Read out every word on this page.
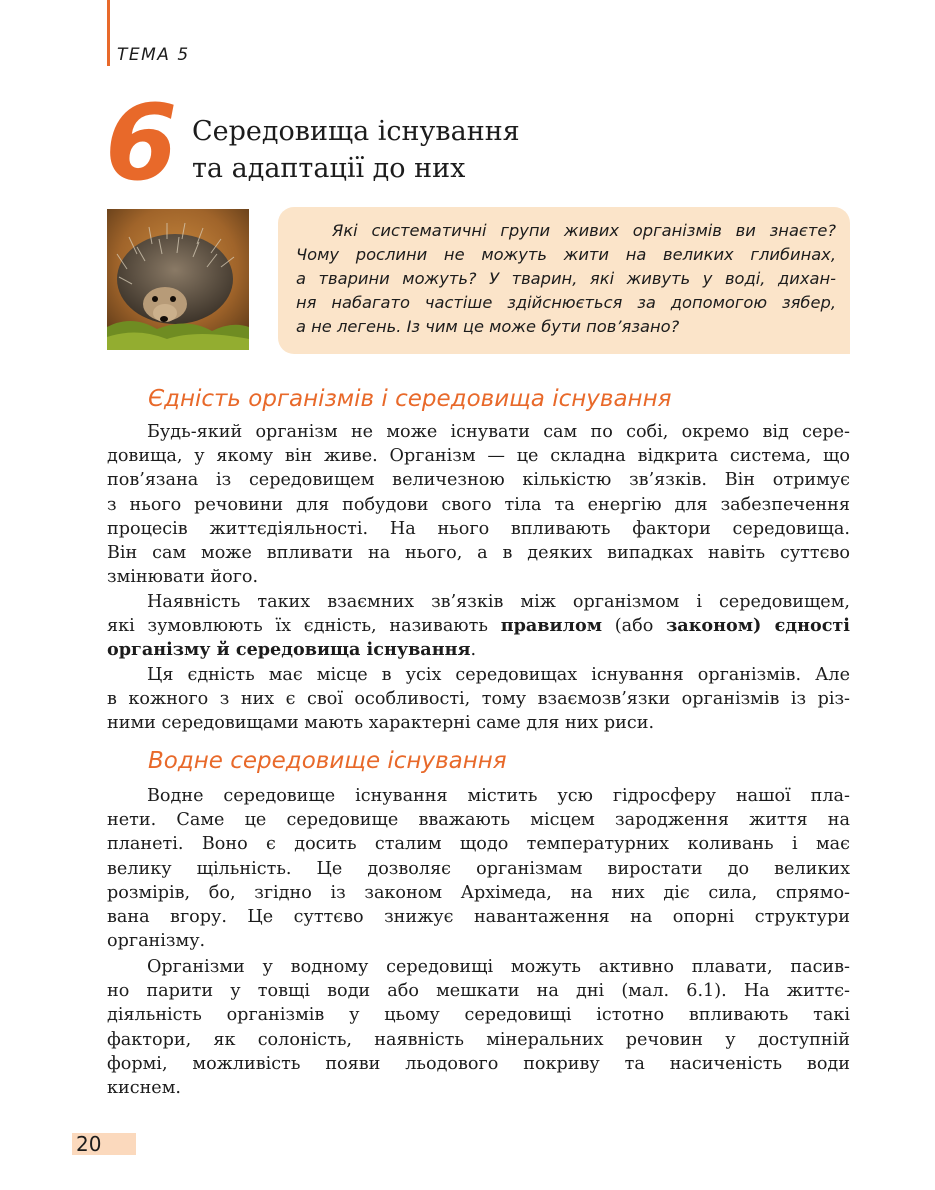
ТЕМА 5
6 Середовища існування
та адаптації до них
Які систематичні групи живих організмів ви знаєте?
Чому рослини не можуть жити на великих глибинах,
а тварини можуть? У тварин, які живуть у воді, дихан-
ня набагато частіше здійснюється за допомогою зябер,
а не легень. Із чим це може бути пов’язано?
Єдність організмів і середовища існування
Будь-який організм не може існувати сам по собі, окремо від сере-
довища, у якому він живе. Організм — це складна відкрита система, що
пов’язана із середовищем величезною кількістю зв’язків. Він отримує
з нього речовини для побудови свого тіла та енергію для забезпечення
процесів життєдіяльності. На нього впливають фактори середовища.
Він сам може впливати на нього, а в деяких випадках навіть суттєво
змінювати його.
Наявність таких взаємних зв’язків між організмом і середовищем,
які зумовлюють їх єдність, називають правилом (або законом) єдності
організму й середовища існування.
Ця єдність має місце в усіх середовищах існування організмів. Але
в кожного з них є свої особливості, тому взаємозв’язки організмів із різ-
ними середовищами мають характерні саме для них риси.
Водне середовище існування
Водне середовище існування містить усю гідросферу нашої пла-
нети. Саме це середовище вважають місцем зародження життя на
планеті. Воно є досить сталим щодо температурних коливань і має
велику щільність. Це дозволяє організмам виростати до великих
розмірів, бо, згідно із законом Архімеда, на них діє сила, спрямо-
вана вгору. Це суттєво знижує навантаження на опорні структури
організму.
Організми у водному середовищі можуть активно плавати, пасив-
но парити у товщі води або мешкати на дні (мал. 6.1). На життє-
діяльність організмів у цьому середовищі істотно впливають такі
фактори, як солоність, наявність мінеральних речовин у доступній
формі, можливість появи льодового покриву та насиченість води
киснем.
20
